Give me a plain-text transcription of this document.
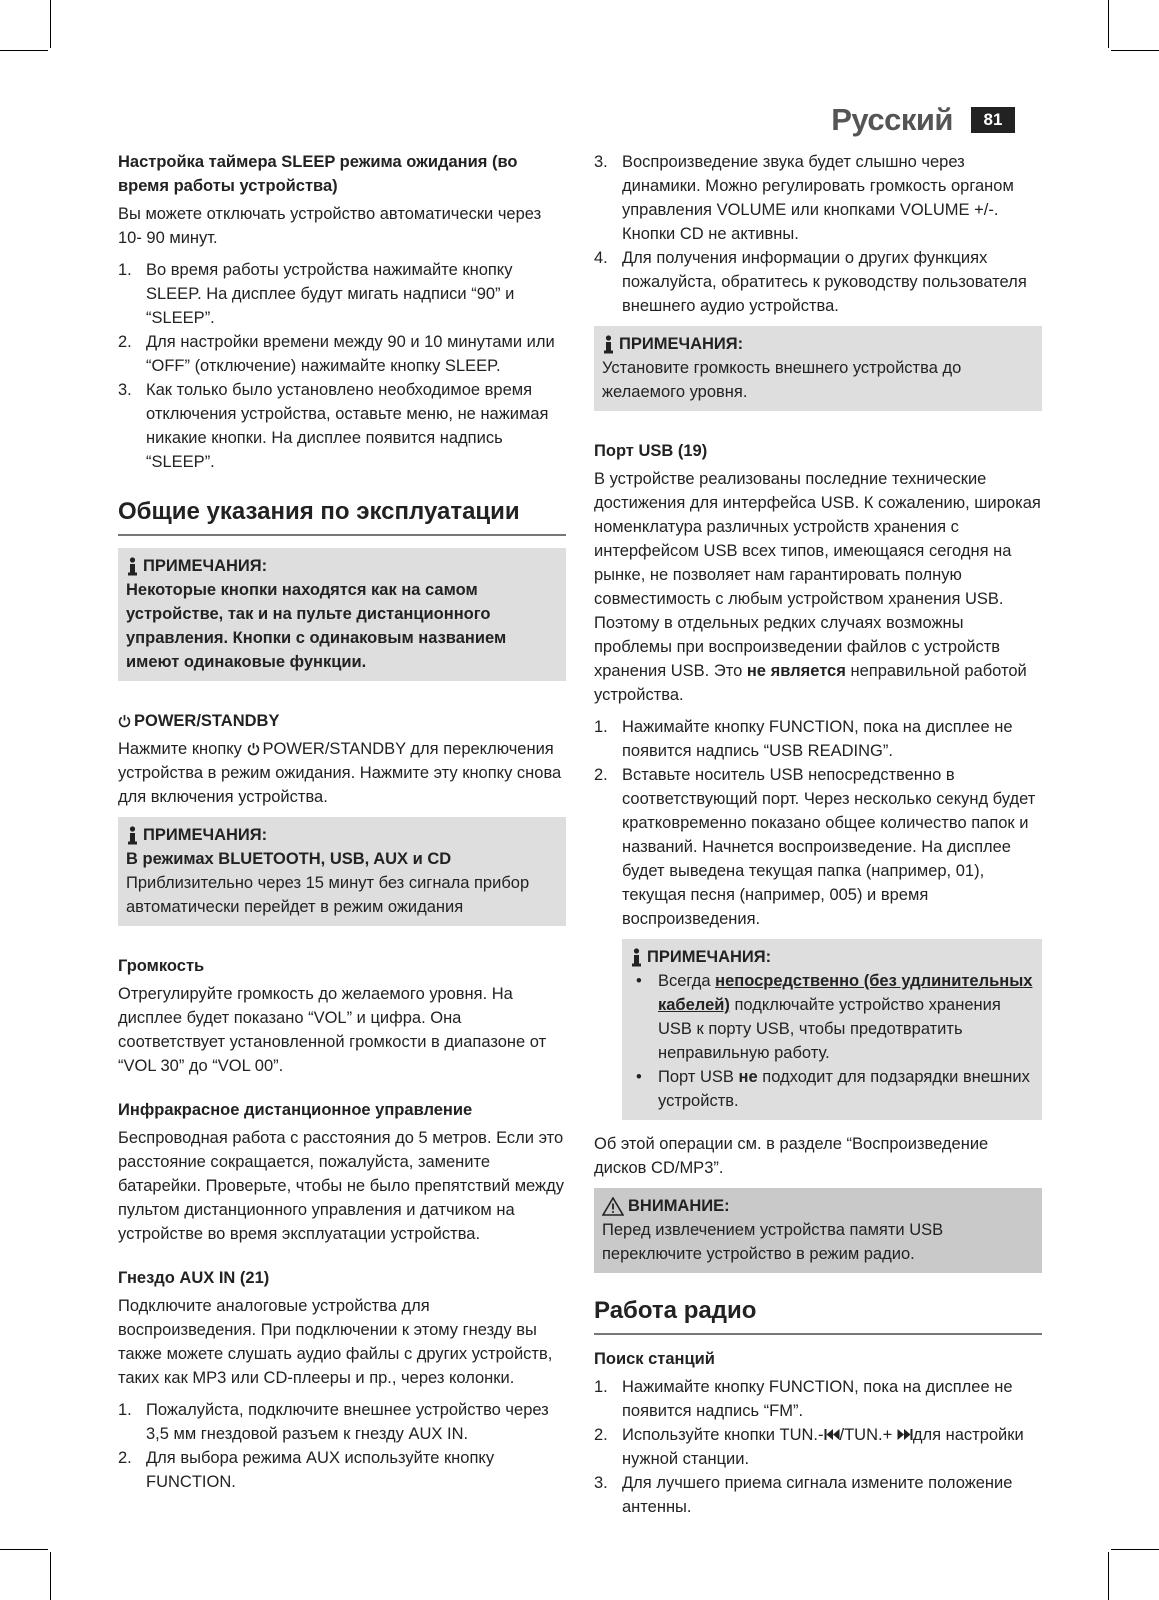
Русский	81

Настройка таймера SLEEP режима ожидания (во время работы устройства)

Вы можете отключать устройство автоматически через 10- 90 минут.

1. Во время работы устройства нажимайте кнопку SLEEP. На дисплее будут мигать надписи “90” и “SLEEP”.
2. Для настройки времени между 90 и 10 минутами или “OFF” (отключение) нажимайте кнопку SLEEP.
3. Как только было установлено необходимое время отключения устройства, оставьте меню, не нажимая никакие кнопки. На дисплее появится надпись “SLEEP”.
Общие указания по эксплуатации
ПРИМЕЧАНИЯ:

Некоторые кнопки находятся как на самом устройстве, так и на пульте дистанционного управления. Кнопки с одинаковым названием имеют одинаковые функции.

POWER/STANDBY

Нажмите кнопку POWER/STANDBY для переключения устройства в режим ожидания. Нажмите эту кнопку снова для включения устройства.

ПРИМЕЧАНИЯ:

В режимах BLUETOOTH, USB, AUX и CD

Приблизительно через 15 минут без сигнала прибор автоматически перейдет в режим ожидания

Громкость

Отрегулируйте громкость до желаемого уровня. На дисплее будет показано “VOL” и цифра. Она соответствует установленной громкости в диапазоне от “VOL 30” до “VOL 00”.

Инфракрасное дистанционное управление

Беспроводная работа с расстояния до 5 метров. Если это расстояние сокращается, пожалуйста, замените батарейки. Проверьте, чтобы не было препятствий между пультом дистанционного управления и датчиком на устройстве во время эксплуатации устройства.

Гнездо AUX IN (21)

Подключите аналоговые устройства для воспроизведения. При подключении к этому гнезду вы также можете слушать аудио файлы с других устройств, таких как MP3 или CD-плееры и пр., через колонки.

1. Пожалуйста, подключите внешнее устройство через 3,5 мм гнездовой разъем к гнезду AUX IN.
2. Для выбора режима AUX используйте кнопку FUNCTION.
3. Воспроизведение звука будет слышно через динамики. Можно регулировать громкость органом управления VOLUME или кнопками VOLUME +/-. Кнопки CD не активны.
4. Для получения информации о других функциях пожалуйста, обратитесь к руководству пользователя внешнего аудио устройства.
ПРИМЕЧАНИЯ:

Установите громкость внешнего устройства до желаемого уровня.

Порт USB (19)

В устройстве реализованы последние технические достижения для интерфейса USB. К сожалению, широкая номенклатура различных устройств хранения с интерфейсом USB всех типов, имеющаяся сегодня на рынке, не позволяет нам гарантировать полную совместимость с любым устройством хранения USB. Поэтому в отдельных редких случаях возможны проблемы при воспроизведении файлов с устройств хранения USB. Это не является неправильной работой устройства.

1. Нажимайте кнопку FUNCTION, пока на дисплее не появится надпись “USB READING”.
2. Вставьте носитель USB непосредственно в соответствующий порт. Через несколько секунд будет кратковременно показано общее количество папок и названий. Начнется воспроизведение. На дисплее будет выведена текущая папка (например, 01), текущая песня (например, 005) и время воспроизведения.
ПРИМЕЧАНИЯ:
• Всегда непосредственно (без удлинительных кабелей) подключайте устройство хранения USB к порту USB, чтобы предотвратить неправильную работу.
• Порт USB не подходит для подзарядки внешних устройств.

Об этой операции см. в разделе “Воспроизведение дисков CD/MP3”.

ВНИМАНИЕ:

Перед извлечением устройства памяти USB переключите устройство в режим радио.

Работа радио

Поиск станций

1. Нажимайте кнопку FUNCTION, пока на дисплее не появится надпись “FM”.
2. Используйте кнопки TUN.- /TUN.+ для настройки нужной станции.
3. Для лучшего приема сигнала измените положение антенны.
